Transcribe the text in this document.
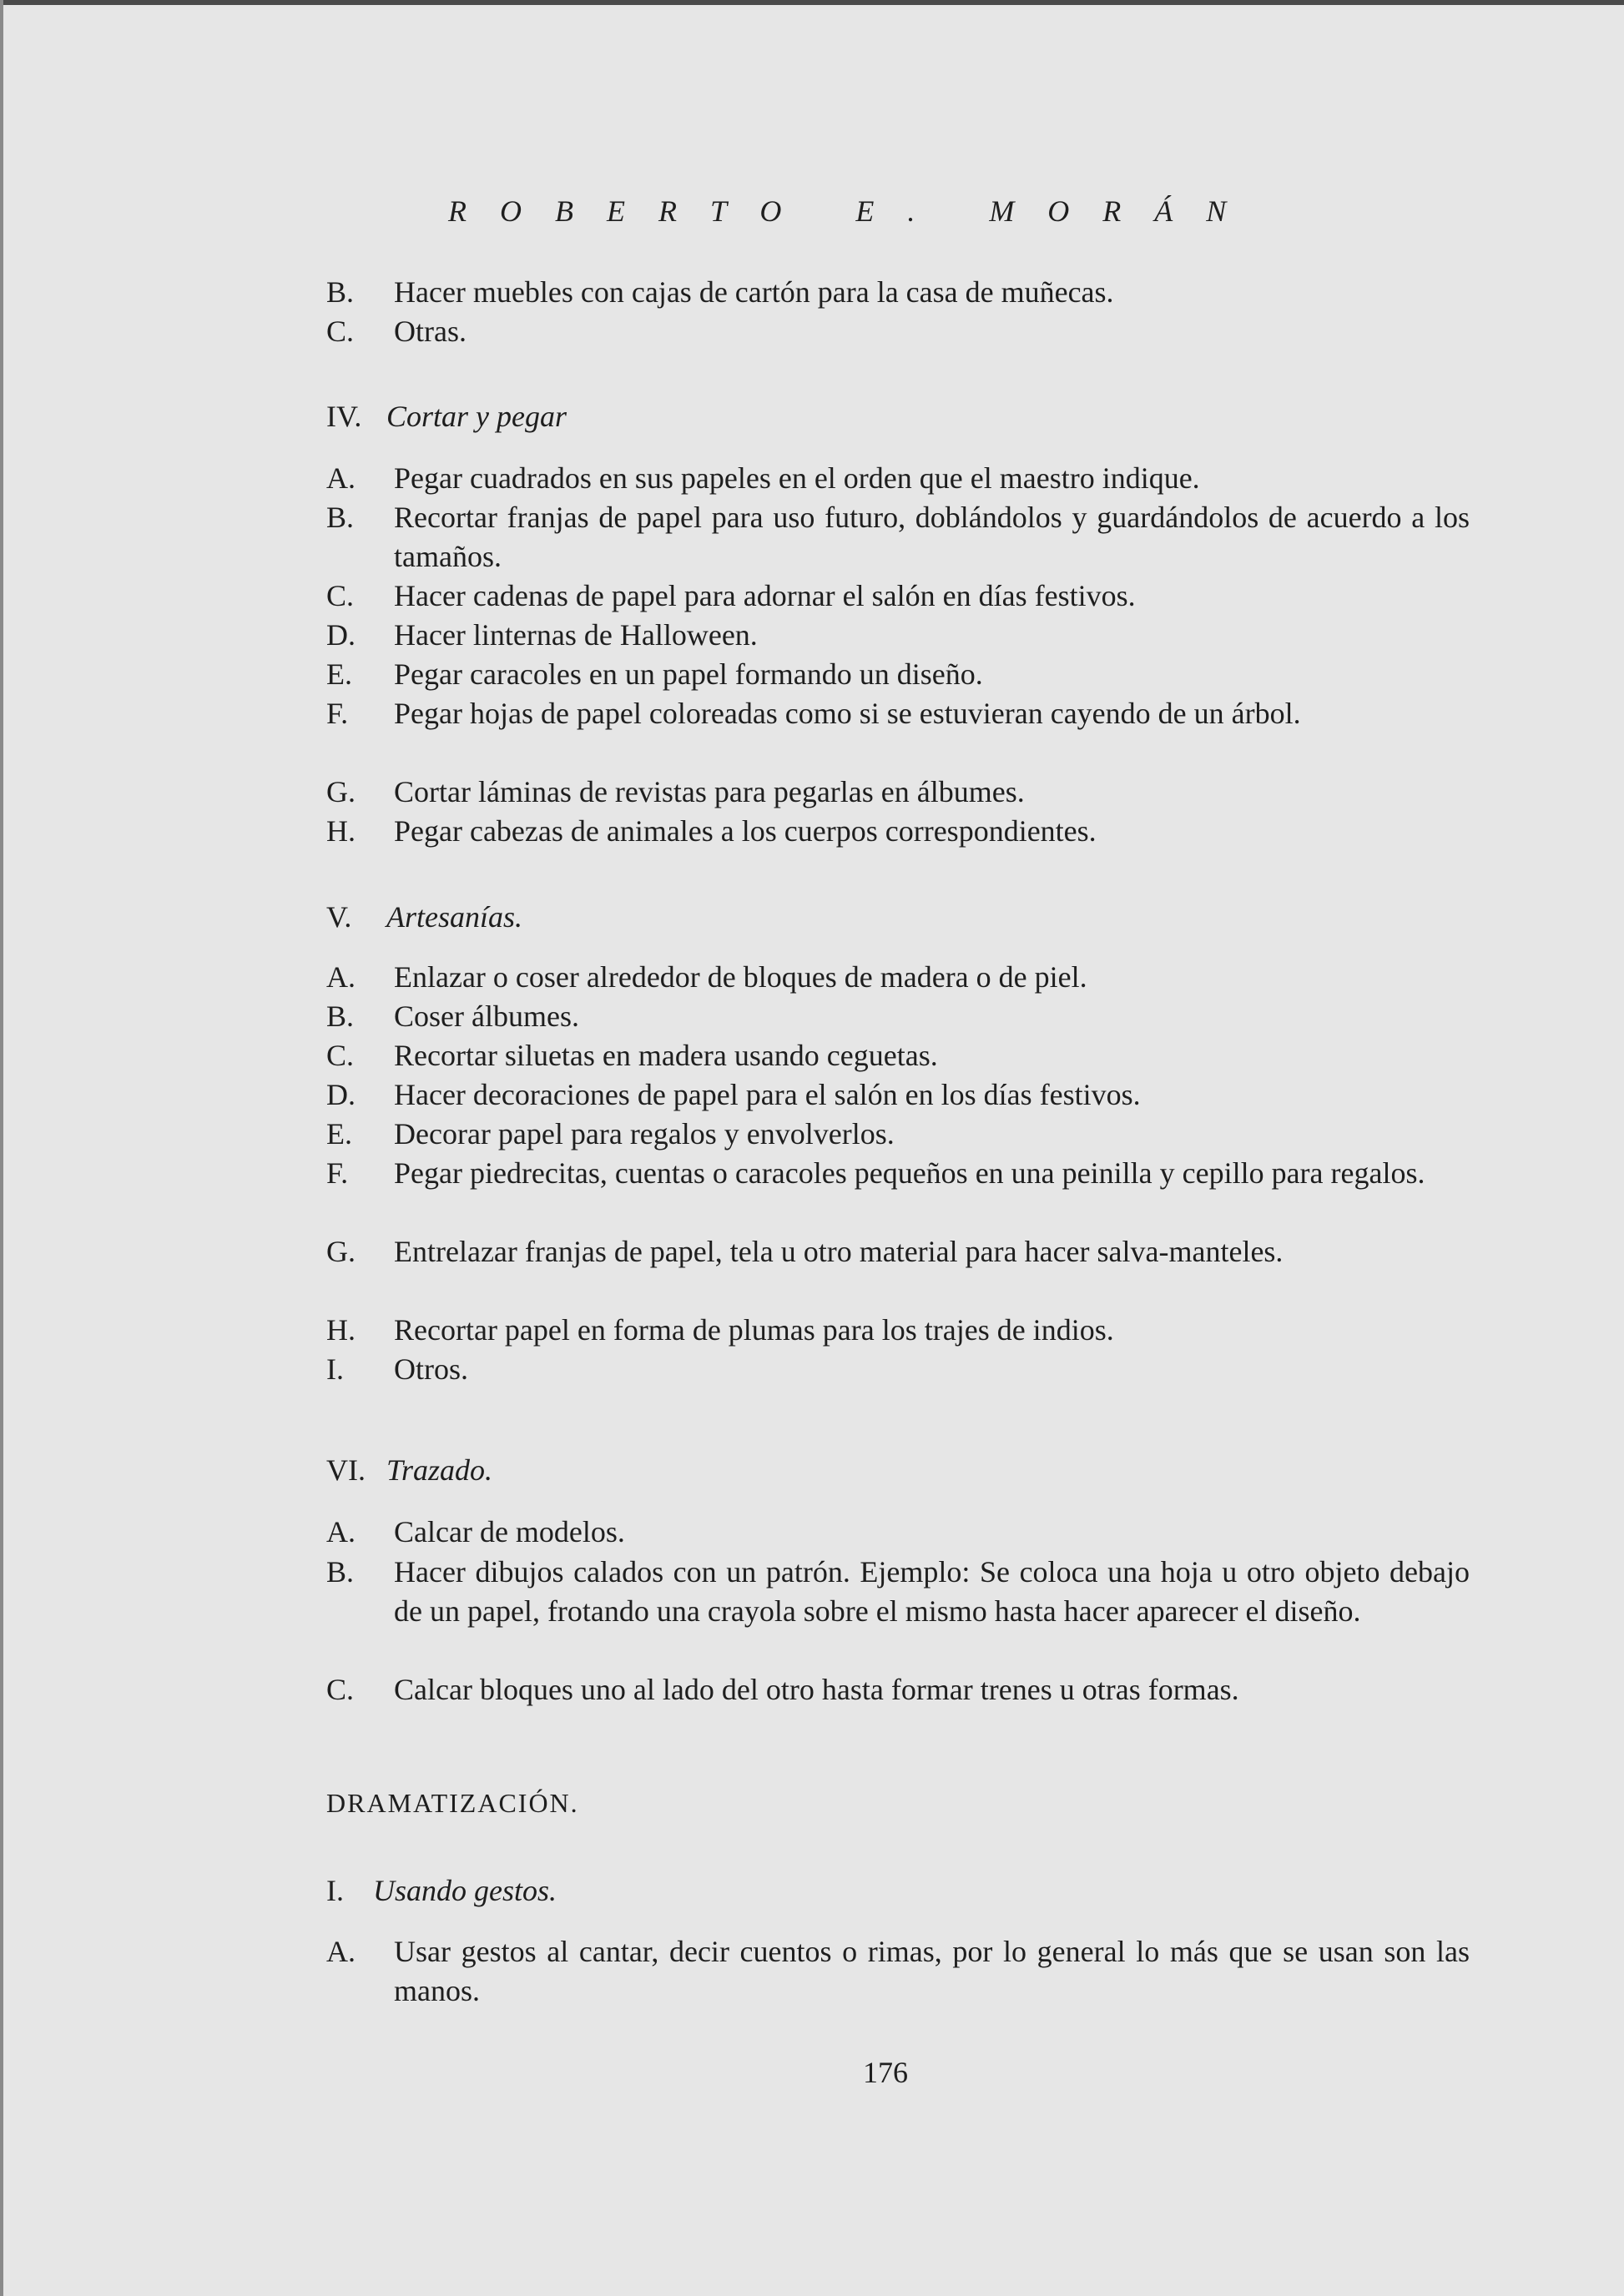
ROBERTO E. MORÁN
B.	Hacer muebles con cajas de cartón para la casa de muñecas.
C.	Otras.
IV. Cortar y pegar
A.	Pegar cuadrados en sus papeles en el orden que el maestro indique.
B.	Recortar franjas de papel para uso futuro, doblándolos y guardándolos de acuerdo a los tamaños.
C.	Hacer cadenas de papel para adornar el salón en días festivos.
D.	Hacer linternas de Halloween.
E.	Pegar caracoles en un papel formando un diseño.
F.	Pegar hojas de papel coloreadas como si se estuvieran cayendo de un árbol.
G.	Cortar láminas de revistas para pegarlas en álbumes.
H.	Pegar cabezas de animales a los cuerpos correspondientes.
V. Artesanías.
A.	Enlazar o coser alrededor de bloques de madera o de piel.
B.	Coser álbumes.
C.	Recortar siluetas en madera usando ceguetas.
D.	Hacer decoraciones de papel para el salón en los días festivos.
E.	Decorar papel para regalos y envolverlos.
F.	Pegar piedrecitas, cuentas o caracoles pequeños en una peinilla y cepillo para regalos.
G.	Entrelazar franjas de papel, tela u otro material para hacer salva-manteles.
H.	Recortar papel en forma de plumas para los trajes de indios.
I.	Otros.
VI. Trazado.
A.	Calcar de modelos.
B.	Hacer dibujos calados con un patrón. Ejemplo: Se coloca una hoja u otro objeto debajo de un papel, frotando una crayola sobre el mismo hasta hacer aparecer el diseño.
C.	Calcar bloques uno al lado del otro hasta formar trenes u otras formas.
DRAMATIZACIÓN.
I. Usando gestos.
A.	Usar gestos al cantar, decir cuentos o rimas, por lo general lo más que se usan son las manos.
176
